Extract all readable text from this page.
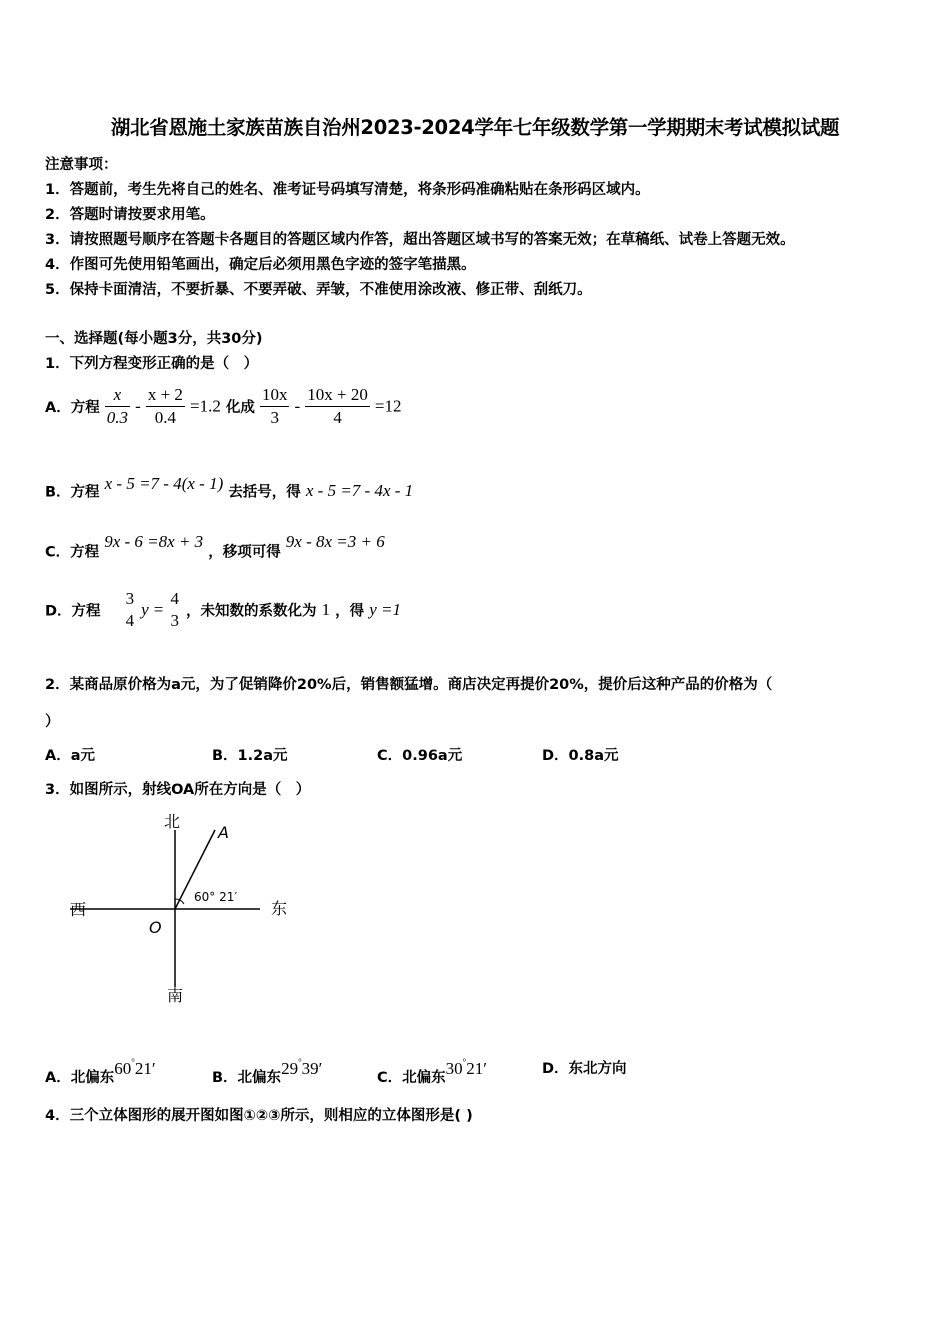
湖北省恩施土家族苗族自治州2023-2024学年七年级数学第一学期期末考试模拟试题
注意事项：
1．答题前，考生先将自己的姓名、准考证号码填写清楚，将条形码准确粘贴在条形码区域内。
2．答题时请按要求用笔。
3．请按照题号顺序在答题卡各题目的答题区域内作答，超出答题区域书写的答案无效；在草稿纸、试卷上答题无效。
4．作图可先使用铅笔画出，确定后必须用黑色字迹的签字笔描黑。
5．保持卡面清洁，不要折暴、不要弄破、弄皱，不准使用涂改液、修正带、刮纸刀。
一、选择题(每小题3分，共30分)
1．下列方程变形正确的是（　）
A．方程 $\frac{x}{0.3} - \frac{x + 2}{0.4} =1.2$ 化成 $\frac{10x}{3} - \frac{10x + 20}{4} =12$
B．方程 x - 5 =7 - 4(x - 1) 去括号，得 x - 5 =7 - 4x - 1
C．方程 9x - 6 =8x + 3 ，移项可得 9x - 8x =3 + 6
D．方程
3
4
y =
4
3 ，未知数的系数化为 1 ，得 y =1
2．某商品原价格为a元，为了促销降价20%后，销售额猛增。商店决定再提价20%，提价后这种产品的价格为（
）
A．a元	B．1.2a元	C．0.96a元	D．0.8a元
3．如图所示，射线OA所在方向是（　）
北
南
西	东
O
A
60° 21′
A．北偏东60°21′	B．北偏东29°39′	C．北偏东30°21′	D．东北方向
4．三个立体图形的展开图如图①②③所示，则相应的立体图形是( )
